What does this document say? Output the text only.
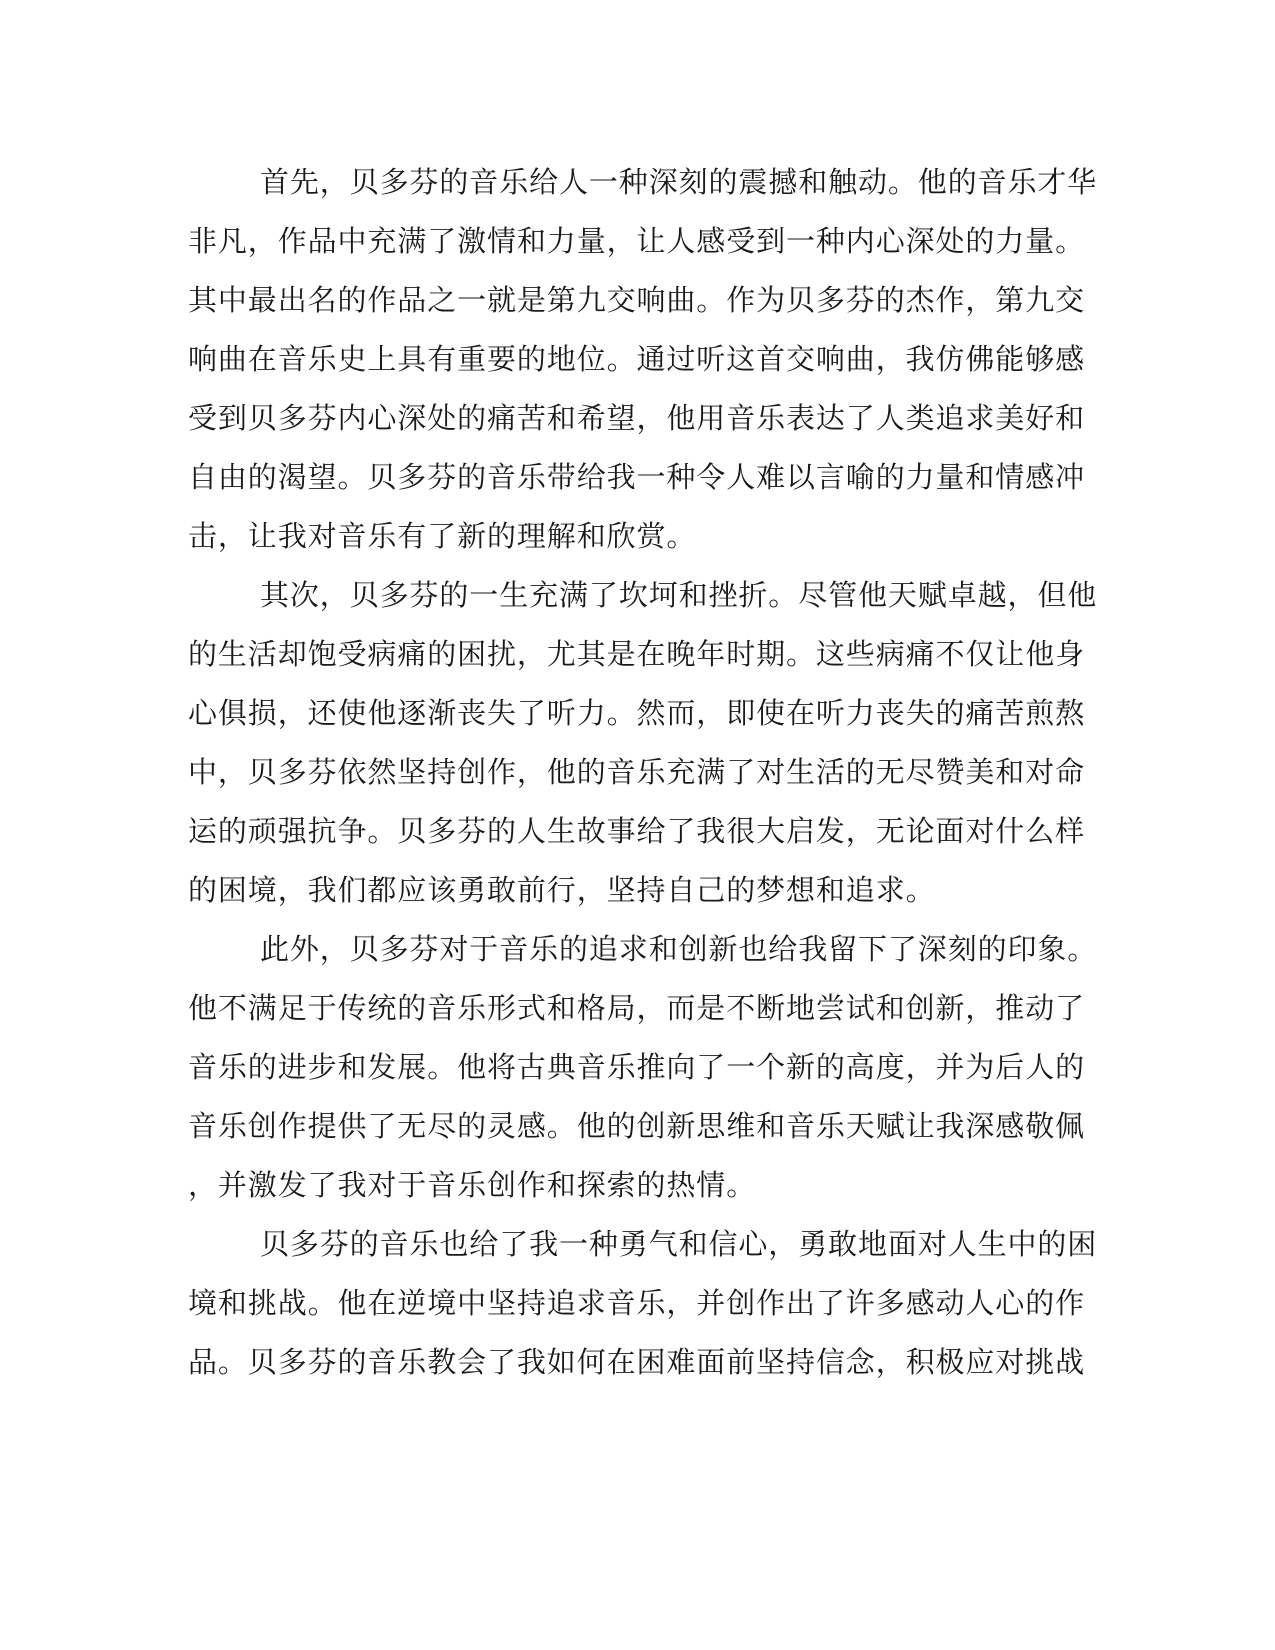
首先，贝多芬的音乐给人一种深刻的震撼和触动。他的音乐才华

非凡，作品中充满了激情和力量，让人感受到一种内心深处的力量。

其中最出名的作品之一就是第九交响曲。作为贝多芬的杰作，第九交

响曲在音乐史上具有重要的地位。通过听这首交响曲，我仿佛能够感

受到贝多芬内心深处的痛苦和希望，他用音乐表达了人类追求美好和

自由的渴望。贝多芬的音乐带给我一种令人难以言喻的力量和情感冲

击，让我对音乐有了新的理解和欣赏。

其次，贝多芬的一生充满了坎坷和挫折。尽管他天赋卓越，但他

的生活却饱受病痛的困扰，尤其是在晚年时期。这些病痛不仅让他身

心俱损，还使他逐渐丧失了听力。然而，即使在听力丧失的痛苦煎熬

中，贝多芬依然坚持创作，他的音乐充满了对生活的无尽赞美和对命

运的顽强抗争。贝多芬的人生故事给了我很大启发，无论面对什么样

的困境，我们都应该勇敢前行，坚持自己的梦想和追求。

此外，贝多芬对于音乐的追求和创新也给我留下了深刻的印象。

他不满足于传统的音乐形式和格局，而是不断地尝试和创新，推动了

音乐的进步和发展。他将古典音乐推向了一个新的高度，并为后人的

音乐创作提供了无尽的灵感。他的创新思维和音乐天赋让我深感敬佩

，并激发了我对于音乐创作和探索的热情。

贝多芬的音乐也给了我一种勇气和信心，勇敢地面对人生中的困

境和挑战。他在逆境中坚持追求音乐，并创作出了许多感动人心的作

品。贝多芬的音乐教会了我如何在困难面前坚持信念，积极应对挑战
